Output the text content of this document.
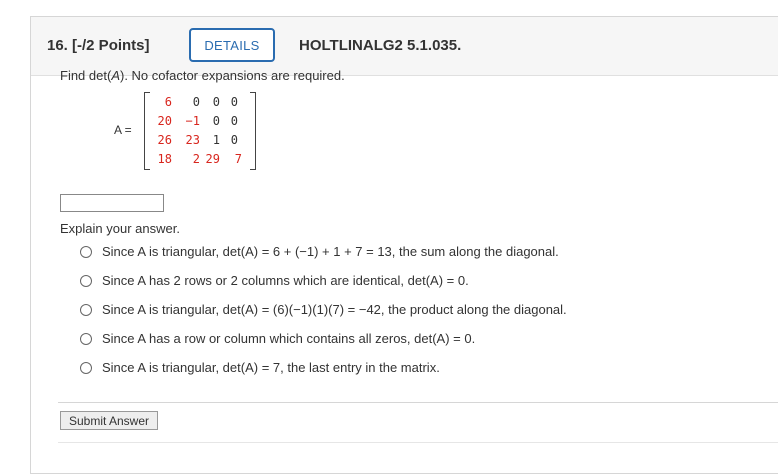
16. [-/2 Points]	DETAILS	HOLTLINALG2 5.1.035.
Find det(A). No cofactor expansions are required.
A =
6	0	0 0
20	−1	0 0
26	23	1 0
18	2 29	7
Explain your answer.
Since A is triangular, det(A) = 6 + (−1) + 1 + 7 = 13, the sum along the diagonal.
Since A has 2 rows or 2 columns which are identical, det(A) = 0.
Since A is triangular, det(A) = (6)(−1)(1)(7) = −42, the product along the diagonal.
Since A has a row or column which contains all zeros, det(A) = 0.
Since A is triangular, det(A) = 7, the last entry in the matrix.
Submit Answer
